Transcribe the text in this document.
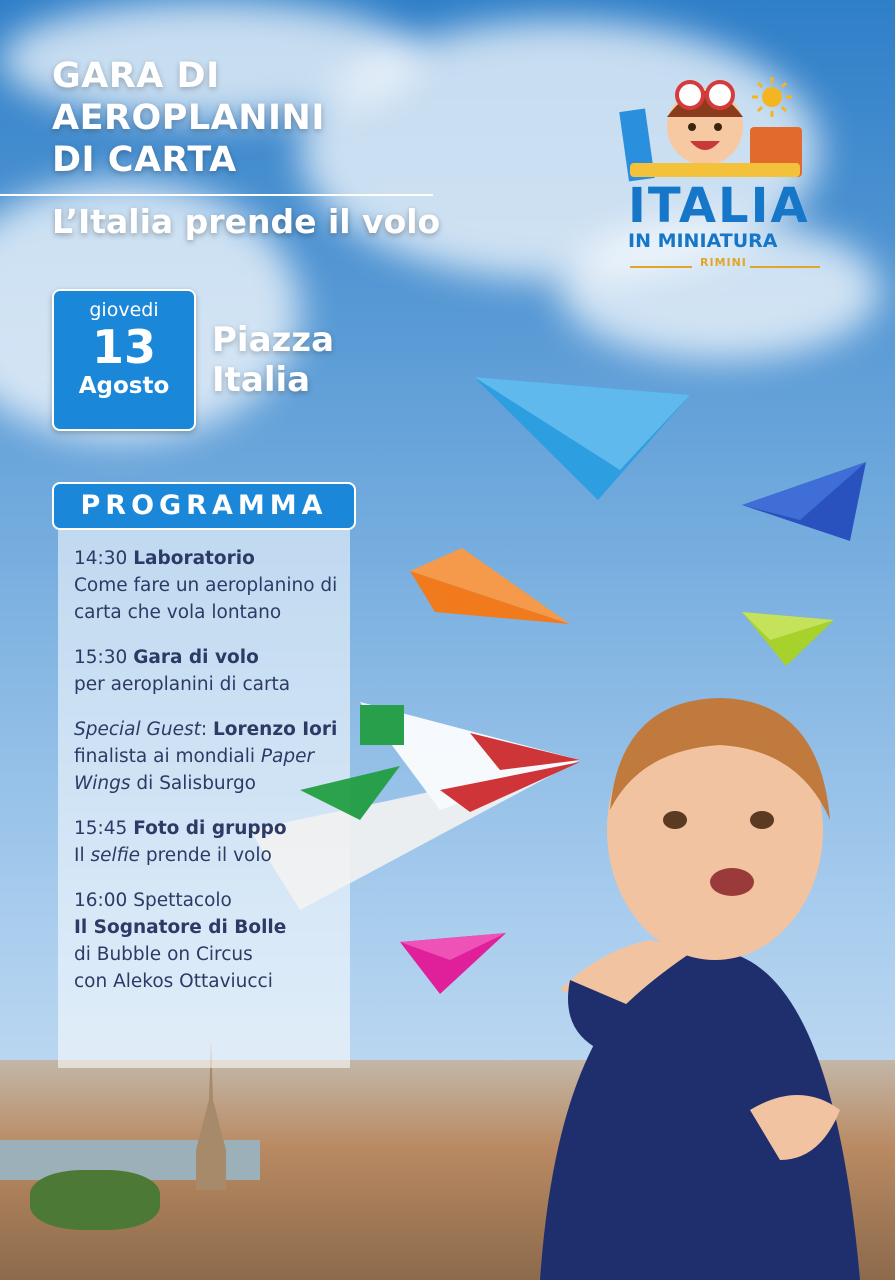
GARA DI
AEROPLANINI
DI CARTA
L’Italia prende il volo	ITALIA
IN MINIATURA
RIMINI
giovedi
13
Agosto
Piazza
Italia
PROGRAMMA
14:30 Laboratorio
Come fare un aeroplanino di carta che vola lontano
15:30 Gara di volo
per aeroplanini di carta
Special Guest: Lorenzo Iori
finalista ai mondiali Paper Wings di Salisburgo
15:45 Foto di gruppo
Il selfie prende il volo
16:00 Spettacolo
Il Sognatore di Bolle
di Bubble on Circus
con Alekos Ottaviucci
